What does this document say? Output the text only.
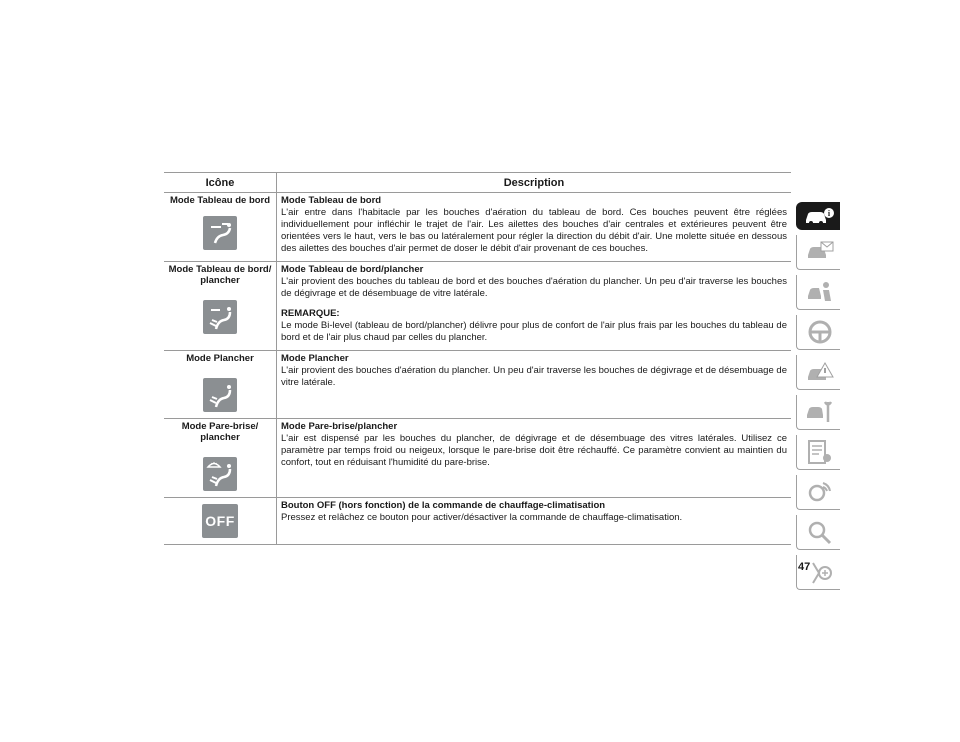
Icône	Description
Mode Tableau de bord	Mode Tableau de bord
L'air entre dans l'habitacle par les bouches d'aération du tableau de bord. Ces bouches peuvent être réglées individuellement pour infléchir le trajet de l'air. Les ailettes des bouches d'air centrales et extérieures peuvent être orientées vers le haut, vers le bas ou latéralement pour régler la direction du débit d'air. Une molette située en dessous des ailettes des bouches d'air permet de doser le débit d'air provenant de ces bouches.

Mode Tableau de bord/ plancher	Mode Tableau de bord/plancher
L'air provient des bouches du tableau de bord et des bouches d'aération du plancher. Un peu d'air traverse les bouches de dégivrage et de désembuage de vitre latérale.
REMARQUE:
Le mode Bi-level (tableau de bord/plancher) délivre pour plus de confort de l'air plus frais par les bouches du tableau de bord et de l'air plus chaud par celles du plancher.

Mode Plancher	Mode Plancher
L'air provient des bouches d'aération du plancher. Un peu d'air traverse les bouches de dégivrage et de désembuage de vitre latérale.

Mode Pare-brise/ plancher	Mode Pare-brise/plancher
L'air est dispensé par les bouches du plancher, de dégivrage et de désembuage des vitres latérales. Utilisez ce paramètre par temps froid ou neigeux, lorsque le pare-brise doit être réchauffé. Ce paramètre convient au maintien du confort, tout en réduisant l'humidité du pare-brise.

OFF	Bouton OFF (hors fonction) de la commande de chauffage-climatisation
Pressez et relâchez ce bouton pour activer/désactiver la commande de chauffage-climatisation.
i
47
